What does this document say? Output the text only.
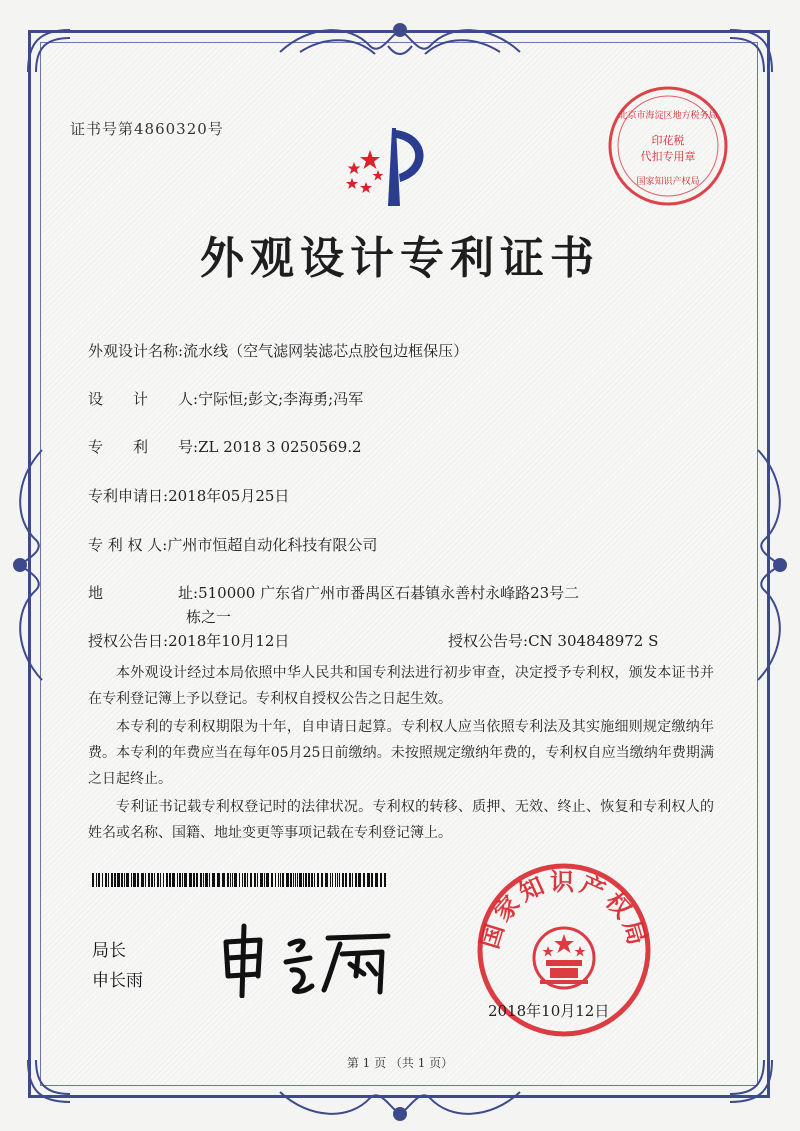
证书号第4860320号
北京市海淀区地方税务局
印花税
代扣专用章
国家知识产权局
外观设计专利证书
外观设计名称:流水线（空气滤网装滤芯点胶包边框保压）
设　　计　　人:宁际恒;彭文;李海勇;冯军
专　　利　　号:ZL 2018 3 0250569.2
专利申请日:2018年05月25日
专 利 权 人:广州市恒超自动化科技有限公司
地　　　　　址:510000 广东省广州市番禺区石碁镇永善村永峰路23号二
栋之一
授权公告日:2018年10月12日	授权公告号:CN 304848972 S
本外观设计经过本局依照中华人民共和国专利法进行初步审查，决定授予专利权，颁发本证书并在专利登记簿上予以登记。专利权自授权公告之日起生效。
本专利的专利权期限为十年，自申请日起算。专利权人应当依照专利法及其实施细则规定缴纳年费。本专利的年费应当在每年05月25日前缴纳。未按照规定缴纳年费的，专利权自应当缴纳年费期满之日起终止。
专利证书记载专利权登记时的法律状况。专利权的转移、质押、无效、终止、恢复和专利权人的姓名或名称、国籍、地址变更等事项记载在专利登记簿上。
局长
申长雨
国家知识产权局
2018年10月12日
第 1 页 （共 1 页）
